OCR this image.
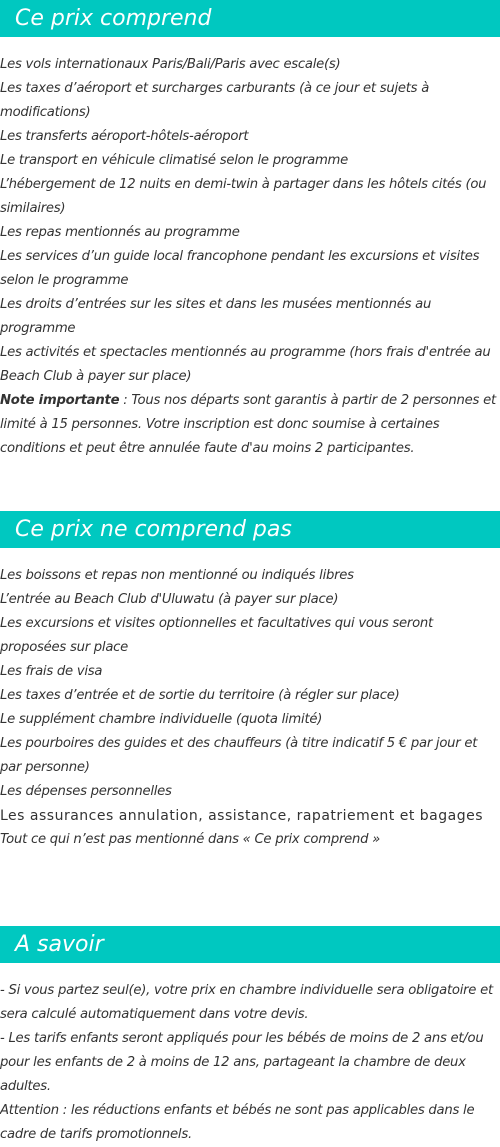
Ce prix comprend
Les vols internationaux Paris/Bali/Paris avec escale(s)
Les taxes d’aéroport et surcharges carburants (à ce jour et sujets à modifications)
Les transferts aéroport-hôtels-aéroport
Le transport en véhicule climatisé selon le programme
L’hébergement de 12 nuits en demi-twin à partager dans les hôtels cités (ou similaires)
Les repas mentionnés au programme
Les services d’un guide local francophone pendant les excursions et visites selon le programme
Les droits d’entrées sur les sites et dans les musées mentionnés au programme
Les activités et spectacles mentionnés au programme (hors frais d'entrée au Beach Club à payer sur place)

Note importante : Tous nos départs sont garantis à partir de 2 personnes et limité à 15 personnes. Votre inscription est donc soumise à certaines conditions et peut être annulée faute d'au moins 2 participantes.

Ce prix ne comprend pas
Les boissons et repas non mentionné ou indiqués libres
L’entrée au Beach Club d'Uluwatu (à payer sur place)
Les excursions et visites optionnelles et facultatives qui vous seront proposées sur place
Les frais de visa
Les taxes d’entrée et de sortie du territoire (à régler sur place)
Le supplément chambre individuelle (quota limité)
Les pourboires des guides et des chauffeurs (à titre indicatif 5 € par jour et par personne)
Les dépenses personnelles
Les assurances annulation, assistance, rapatriement et bagages
Tout ce qui n’est pas mentionné dans « Ce prix comprend »
A savoir
- Si vous partez seul(e), votre prix en chambre individuelle sera obligatoire et sera calculé automatiquement dans votre devis.
- Les tarifs enfants seront appliqués pour les bébés de moins de 2 ans et/ou pour les enfants de 2 à moins de 12 ans, partageant la chambre de deux adultes.
Attention : les réductions enfants et bébés ne sont pas applicables dans le cadre de tarifs promotionnels.
